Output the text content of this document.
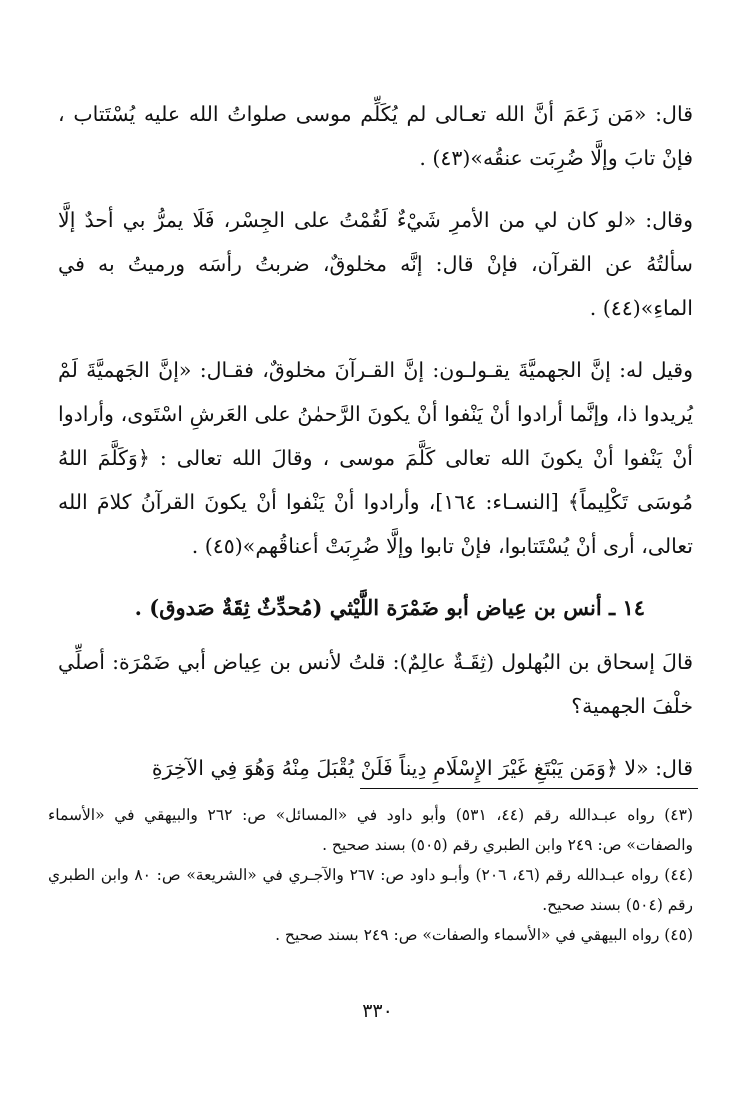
قال: «مَن زَعَمَ أنَّ الله تعـالى لم يُكَلِّم موسى صلواتُ الله عليه يُسْتَتاب ، فإنْ تابَ وإلَّا ضُرِبَت عنقُه»(٤٣) .

وقال: «لو كان لي من الأمرِ شَيْءٌ لَقُمْتُ على الجِسْر، فَلَا يمرُّ بي أحدٌ إلَّا سألتُهُ عن القرآن، فإنْ قال: إنَّه مخلوقٌ، ضربتُ رأسَه ورميتُ به في الماءِ»(٤٤) .

وقيل له: إنَّ الجهميَّةَ يقـولـون: إنَّ القـرآنَ مخلوقٌ، فقـال: «إنَّ الجَهميَّةَ لَمْ يُريدوا ذا، وإنَّما أرادوا أنْ يَنْفوا أنْ يكونَ الرَّحمٰنُ على العَرشِ اسْتَوى، وأرادوا أنْ يَنْفوا أنْ يكونَ الله تعالى كَلَّمَ موسى ، وقالَ الله تعالى : ﴿وَكَلَّمَ اللهُ مُوسَى تَكْلِيماً﴾ [النسـاء: ١٦٤]، وأرادوا أنْ يَنْفوا أنْ يكونَ القرآنُ كلامَ الله تعالى، أرى أنْ يُسْتَتابوا، فإنْ تابوا وإلَّا ضُرِبَتْ أعناقُهم»(٤٥) .

١٤ ـ أنس بن عِياض أبو ضَمْرَة اللَّيْثي (مُحدِّثٌ ثِقَةٌ صَدوق) .

قالَ إسحاق بن البُهلول (ثِقَـةٌ عالِمٌ): قلتُ لأنس بن عِياض أبي ضَمْرَة: أصلِّي خلْفَ الجهمية؟

قال: «لا ﴿وَمَن يَبْتَغِ غَيْرَ الإِسْلَامِ دِيناً فَلَنْ يُقْبَلَ مِنْهُ وَهُوَ فِي الآخِرَةِ

(٤٣) رواه عبـدالله رقم (٤٤، ٥٣١) وأبو داود في «المسائل» ص: ٢٦٢ والبيهقي في «الأسماء والصفات» ص: ٢٤٩ وابن الطبري رقم (٥٠٥) بسند صحيح .

(٤٤) رواه عبـدالله رقم (٤٦، ٢٠٦) وأبـو داود ص: ٢٦٧ والآجـري في «الشريعة» ص: ٨٠ وابن الطبري رقم (٥٠٤) بسند صحيح.

(٤٥) رواه البيهقي في «الأسماء والصفات» ص: ٢٤٩ بسند صحيح .

٣٣٠
